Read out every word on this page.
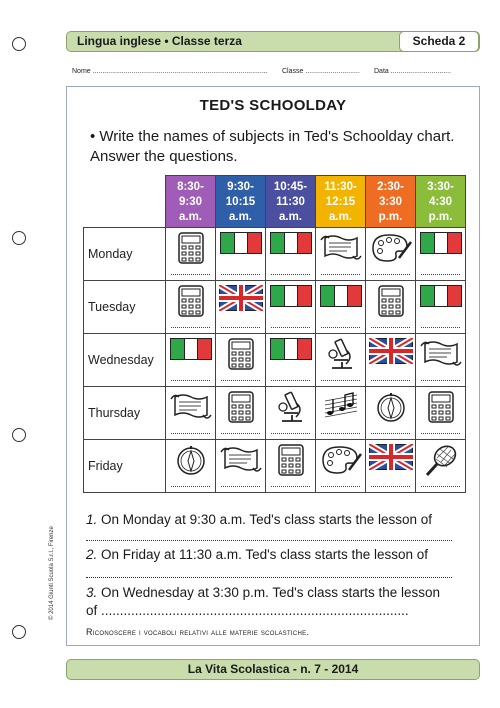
Lingua inglese • Classe terza	Scheda 2
Nome .......................................................................................... Classe ............................ Data ...............................
TED'S SCHOOLDAY
• Write the names of subjects in Ted's Schoolday chart. Answer the questions.

	8:30-
9:30
a.m.	9:30-
10:15
a.m.	10:45-
11:30
a.m.	11:30-
12:15
a.m.	2:30-
3:30
p.m.	3:30-
4:30
p.m.

Monday	

Tuesday	

Wednesday	

Thursday	

Friday	

1. On Monday at 9:30 a.m. Ted's class starts the lesson of
2. On Friday at 11:30 a.m. Ted's class starts the lesson of
3. On Wednesday at 3:30 p.m. Ted's class starts the lesson
of ..................................................................................
Riconoscere i vocaboli relativi alle materie scolastiche.
La Vita Scolastica - n. 7 - 2014
© 2014 Giunti Scuola S.r.l., Firenze
